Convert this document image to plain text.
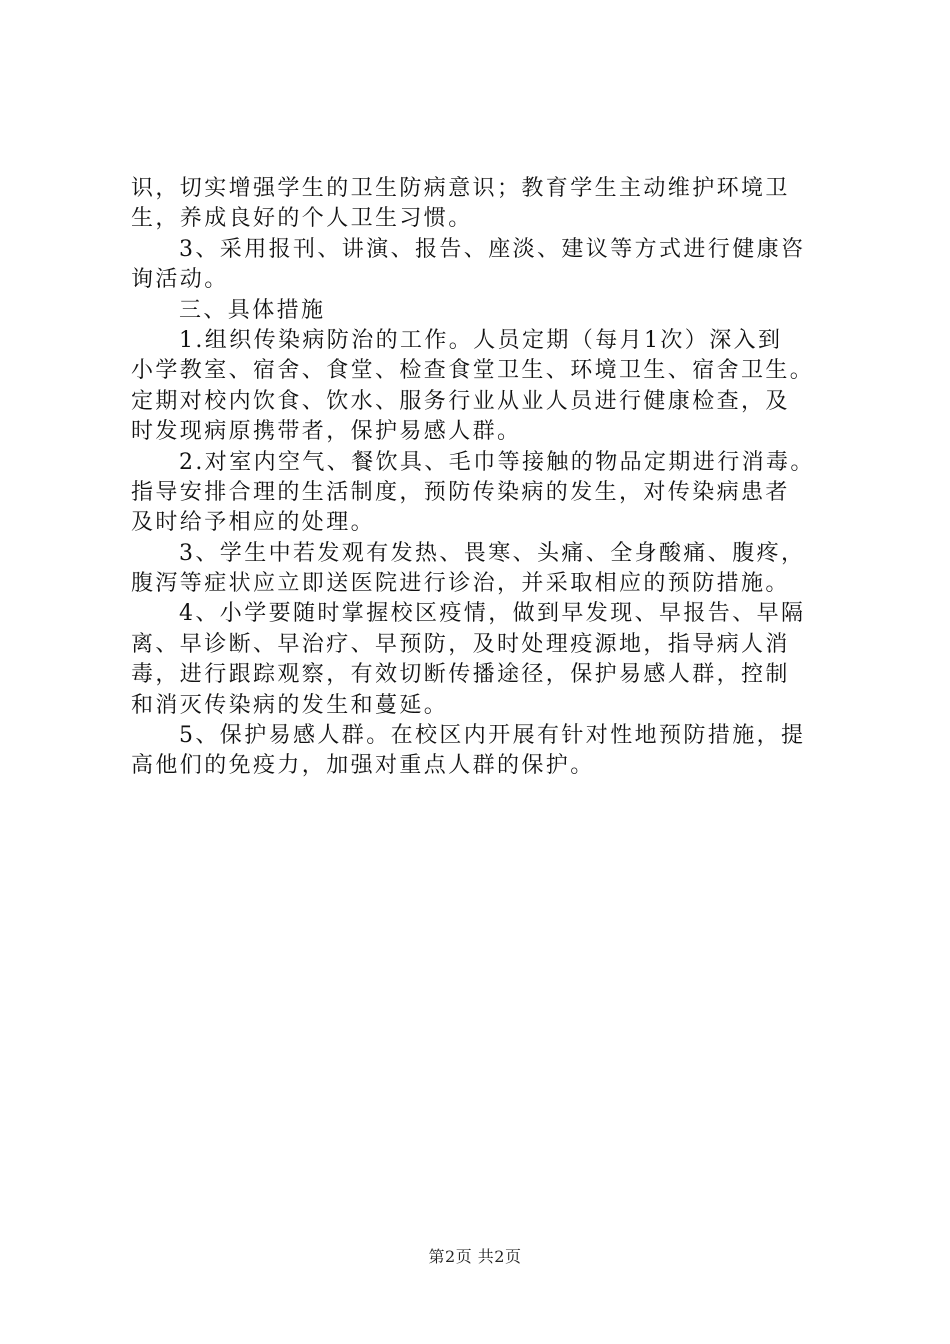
识，切实增强学生的卫生防病意识；教育学生主动维护环境卫
生，养成良好的个人卫生习惯。
3、采用报刊、讲演、报告、座淡、建议等方式进行健康咨
询活动。
三、具体措施
1.组织传染病防治的工作。人员定期（每月1次）深入到
小学教室、宿舍、食堂、检查食堂卫生、环境卫生、宿舍卫生。
定期对校内饮食、饮水、服务行业从业人员进行健康检查，及
时发现病原携带者，保护易感人群。
2.对室内空气、餐饮具、毛巾等接触的物品定期进行消毒。
指导安排合理的生活制度，预防传染病的发生，对传染病患者
及时给予相应的处理。
3、学生中若发观有发热、畏寒、头痛、全身酸痛、腹疼，
腹泻等症状应立即送医院进行诊治，并采取相应的预防措施。
4、小学要随时掌握校区疫情，做到早发现、早报告、早隔
离、早诊断、早治疗、早预防，及时处理疫源地，指导病人消
毒，进行跟踪观察，有效切断传播途径，保护易感人群，控制
和消灭传染病的发生和蔓延。
5、保护易感人群。在校区内开展有针对性地预防措施，提
高他们的免疫力，加强对重点人群的保护。
第2页 共2页
